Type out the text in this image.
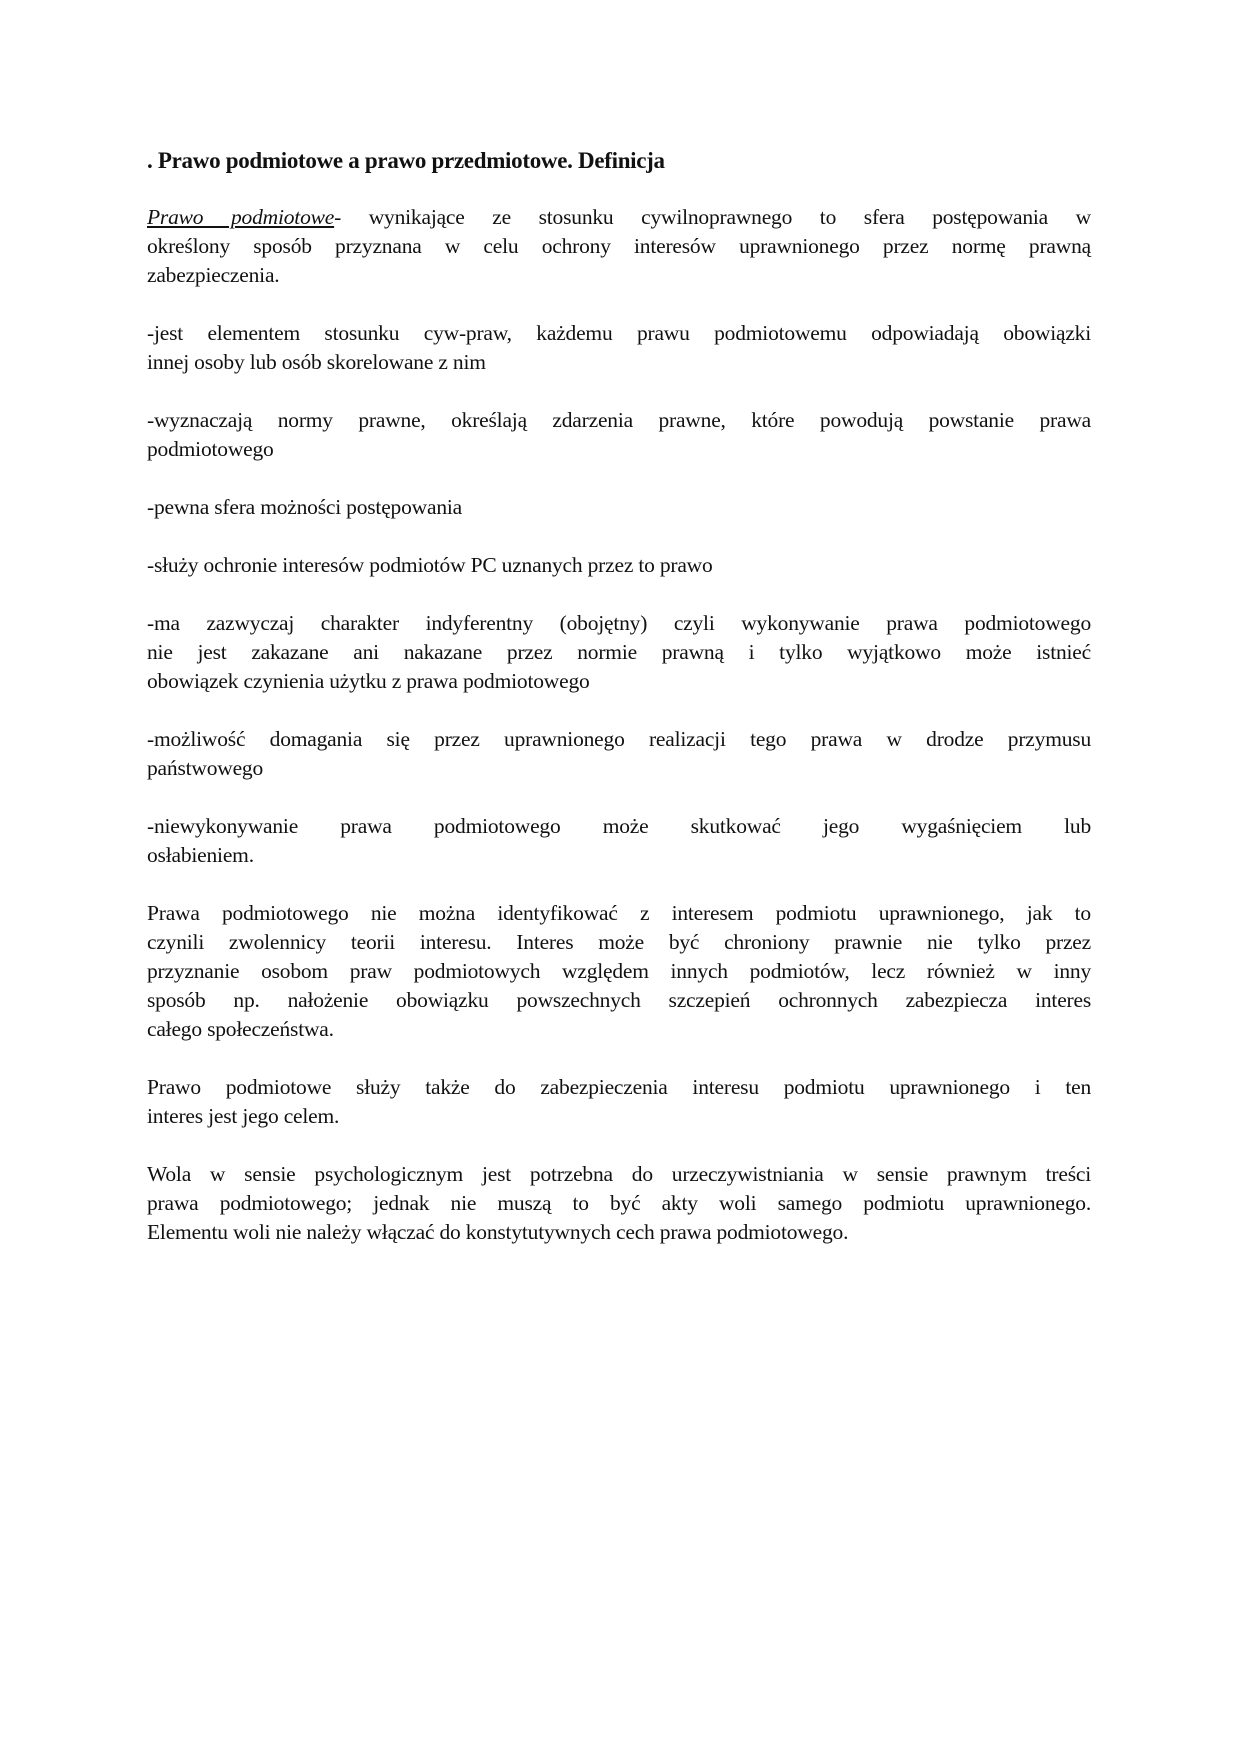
. Prawo podmiotowe a prawo przedmiotowe. Definicja
Prawo podmiotowe- wynikające ze stosunku cywilnoprawnego to sfera postępowania w
określony sposób przyznana w celu ochrony interesów uprawnionego przez normę prawną
zabezpieczenia.
-jest elementem stosunku cyw-praw, każdemu prawu podmiotowemu odpowiadają obowiązki
innej osoby lub osób skorelowane z nim
-wyznaczają normy prawne, określają zdarzenia prawne, które powodują powstanie prawa
podmiotowego
-pewna sfera możności postępowania
-służy ochronie interesów podmiotów PC uznanych przez to prawo
-ma zazwyczaj charakter indyferentny (obojętny) czyli wykonywanie prawa podmiotowego
nie jest zakazane ani nakazane przez normie prawną i tylko wyjątkowo może istnieć
obowiązek czynienia użytku z prawa podmiotowego
-możliwość domagania się przez uprawnionego realizacji tego prawa w drodze przymusu
państwowego
-niewykonywanie prawa podmiotowego może skutkować jego wygaśnięciem lub
osłabieniem.
Prawa podmiotowego nie można identyfikować z interesem podmiotu uprawnionego, jak to
czynili zwolennicy teorii interesu. Interes może być chroniony prawnie nie tylko przez
przyznanie osobom praw podmiotowych względem innych podmiotów, lecz również w inny
sposób np. nałożenie obowiązku powszechnych szczepień ochronnych zabezpiecza interes
całego społeczeństwa.
Prawo podmiotowe służy także do zabezpieczenia interesu podmiotu uprawnionego i ten
interes jest jego celem.
Wola w sensie psychologicznym jest potrzebna do urzeczywistniania w sensie prawnym treści
prawa podmiotowego; jednak nie muszą to być akty woli samego podmiotu uprawnionego.
Elementu woli nie należy włączać do konstytutywnych cech prawa podmiotowego.
